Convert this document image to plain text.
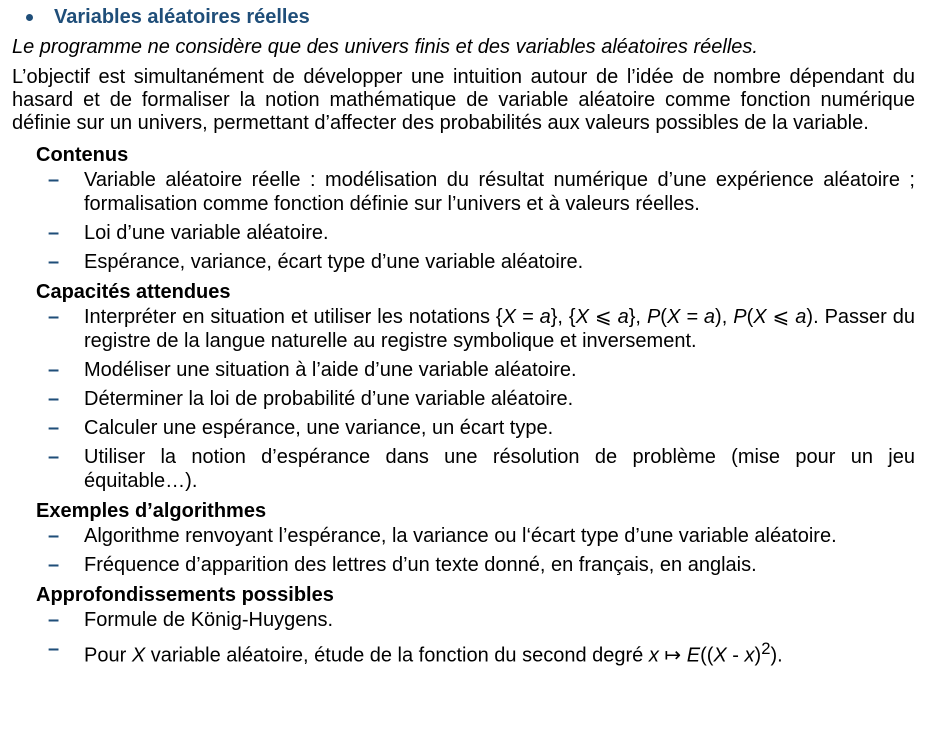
Variables aléatoires réelles
Le programme ne considère que des univers finis et des variables aléatoires réelles.
L’objectif est simultanément de développer une intuition autour de l’idée de nombre dépendant du hasard et de formaliser la notion mathématique de variable aléatoire comme fonction numérique définie sur un univers, permettant d’affecter des probabilités aux valeurs possibles de la variable.
Contenus
– Variable aléatoire réelle : modélisation du résultat numérique d’une expérience aléatoire ; formalisation comme fonction définie sur l’univers et à valeurs réelles.
– Loi d’une variable aléatoire.
– Espérance, variance, écart type d’une variable aléatoire.
Capacités attendues
– Interpréter en situation et utiliser les notations {X = a}, {X ⩽ a}, P(X = a), P(X ⩽ a). Passer du registre de la langue naturelle au registre symbolique et inversement.
– Modéliser une situation à l’aide d’une variable aléatoire.
– Déterminer la loi de probabilité d’une variable aléatoire.
– Calculer une espérance, une variance, un écart type.
– Utiliser la notion d’espérance dans une résolution de problème (mise pour un jeu équitable…).
Exemples d’algorithmes
– Algorithme renvoyant l’espérance, la variance ou l‘écart type d’une variable aléatoire.
– Fréquence d’apparition des lettres d’un texte donné, en français, en anglais.
Approfondissements possibles
– Formule de König-Huygens.
– Pour X variable aléatoire, étude de la fonction du second degré x ↦ E((X - x)$^2$).
